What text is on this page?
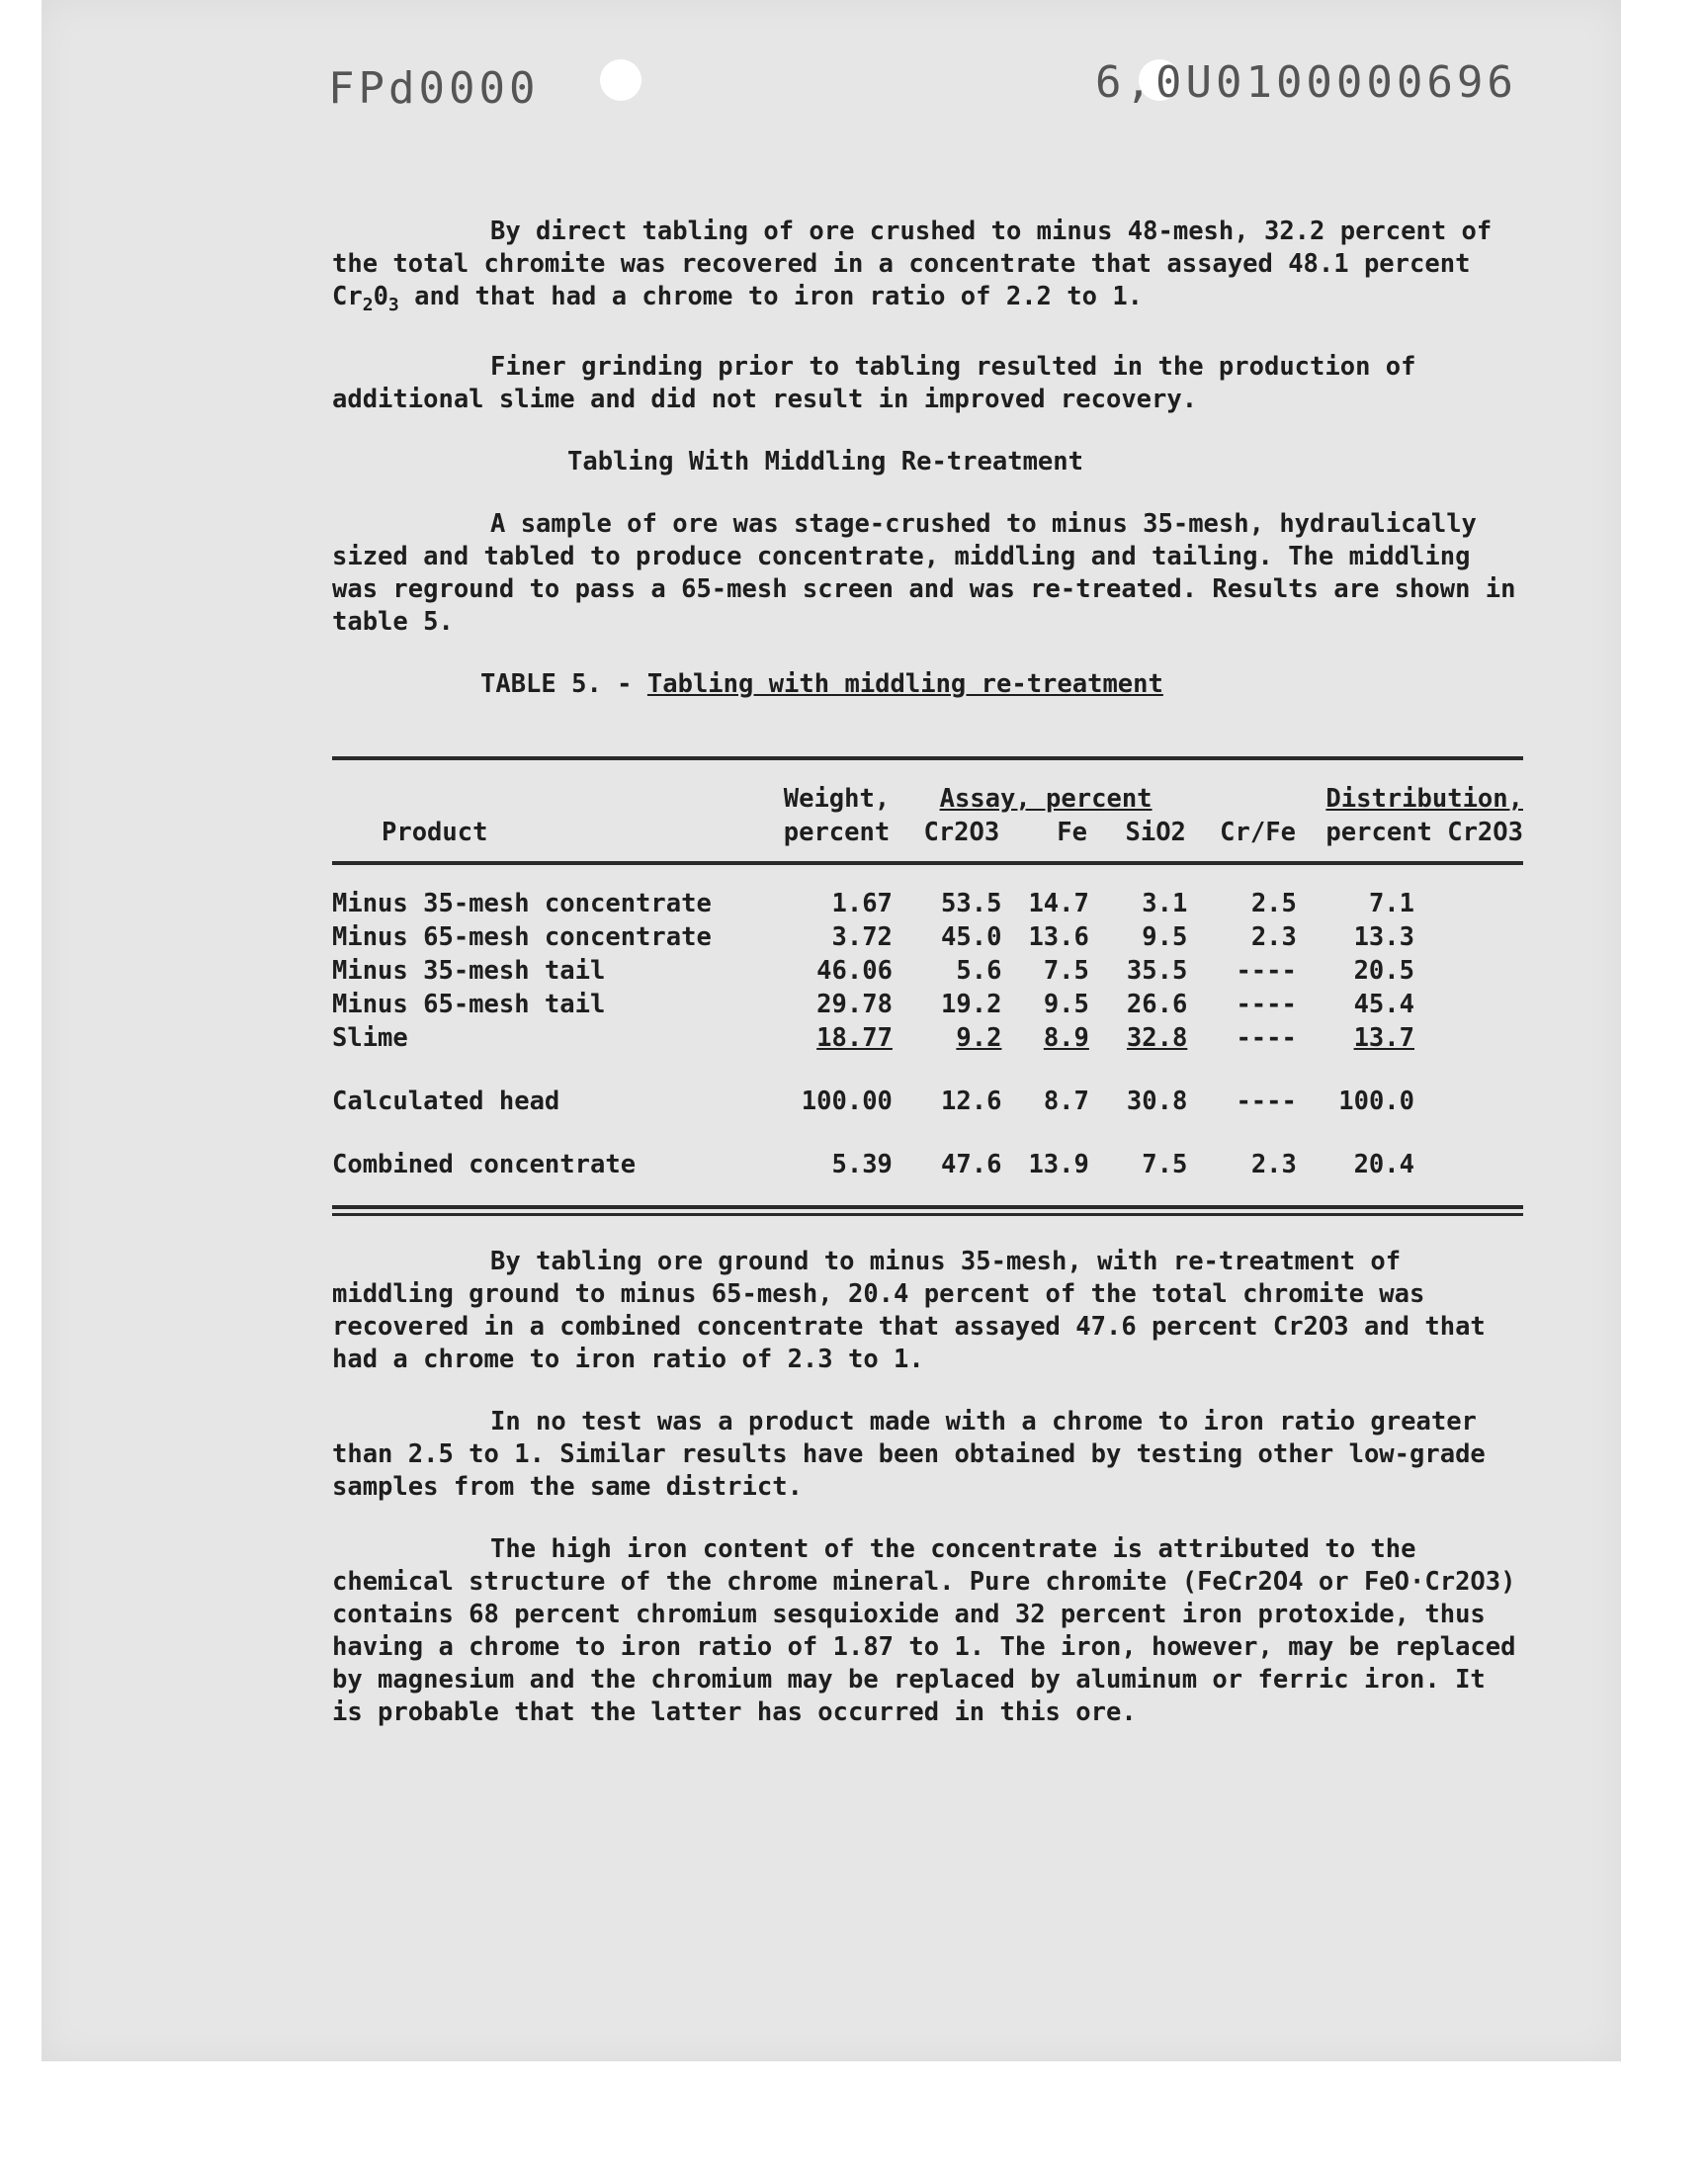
FPd0000	6,0U0100000696

By direct tabling of ore crushed to minus 48-mesh, 32.2 percent of the total chromite was recovered in a concentrate that assayed 48.1 percent $Cr_20_3$ and that had a chrome to iron ratio of 2.2 to 1.

Finer grinding prior to tabling resulted in the production of additional slime and did not result in improved recovery.

Tabling With Middling Re-treatment

A sample of ore was stage-crushed to minus 35-mesh, hydraulically sized and tabled to produce concentrate, middling and tailing. The middling was reground to pass a 65-mesh screen and was re-treated. Results are shown in table 5.

TABLE 5. - Tabling with middling re-treatment
	Weight,	Assay, percent				Distribution,
Product	percent	Cr2O3	Fe	SiO2	Cr/Fe	percent Cr2O3
Minus 35-mesh concentrate	1.67	53.5	14.7	3.1	2.5	7.1
Minus 65-mesh concentrate	3.72	45.0	13.6	9.5	2.3	13.3
Minus 35-mesh tail	46.06	5.6	7.5	35.5	----	20.5
Minus 65-mesh tail	29.78	19.2	9.5	26.6	----	45.4
Slime	18.77	9.2	8.9	32.8	----	13.7

Calculated head	100.00	12.6	8.7	30.8	----	100.0

Combined concentrate	5.39	47.6	13.9	7.5	2.3	20.4

By tabling ore ground to minus 35-mesh, with re-treatment of middling ground to minus 65-mesh, 20.4 percent of the total chromite was recovered in a combined concentrate that assayed 47.6 percent Cr2O3 and that had a chrome to iron ratio of 2.3 to 1.

In no test was a product made with a chrome to iron ratio greater than 2.5 to 1. Similar results have been obtained by testing other low-grade samples from the same district.

The high iron content of the concentrate is attributed to the chemical structure of the chrome mineral. Pure chromite (FeCr2O4 or FeO·Cr2O3) contains 68 percent chromium sesquioxide and 32 percent iron protoxide, thus having a chrome to iron ratio of 1.87 to 1. The iron, however, may be replaced by magnesium and the chromium may be replaced by aluminum or ferric iron. It is probable that the latter has occurred in this ore.
